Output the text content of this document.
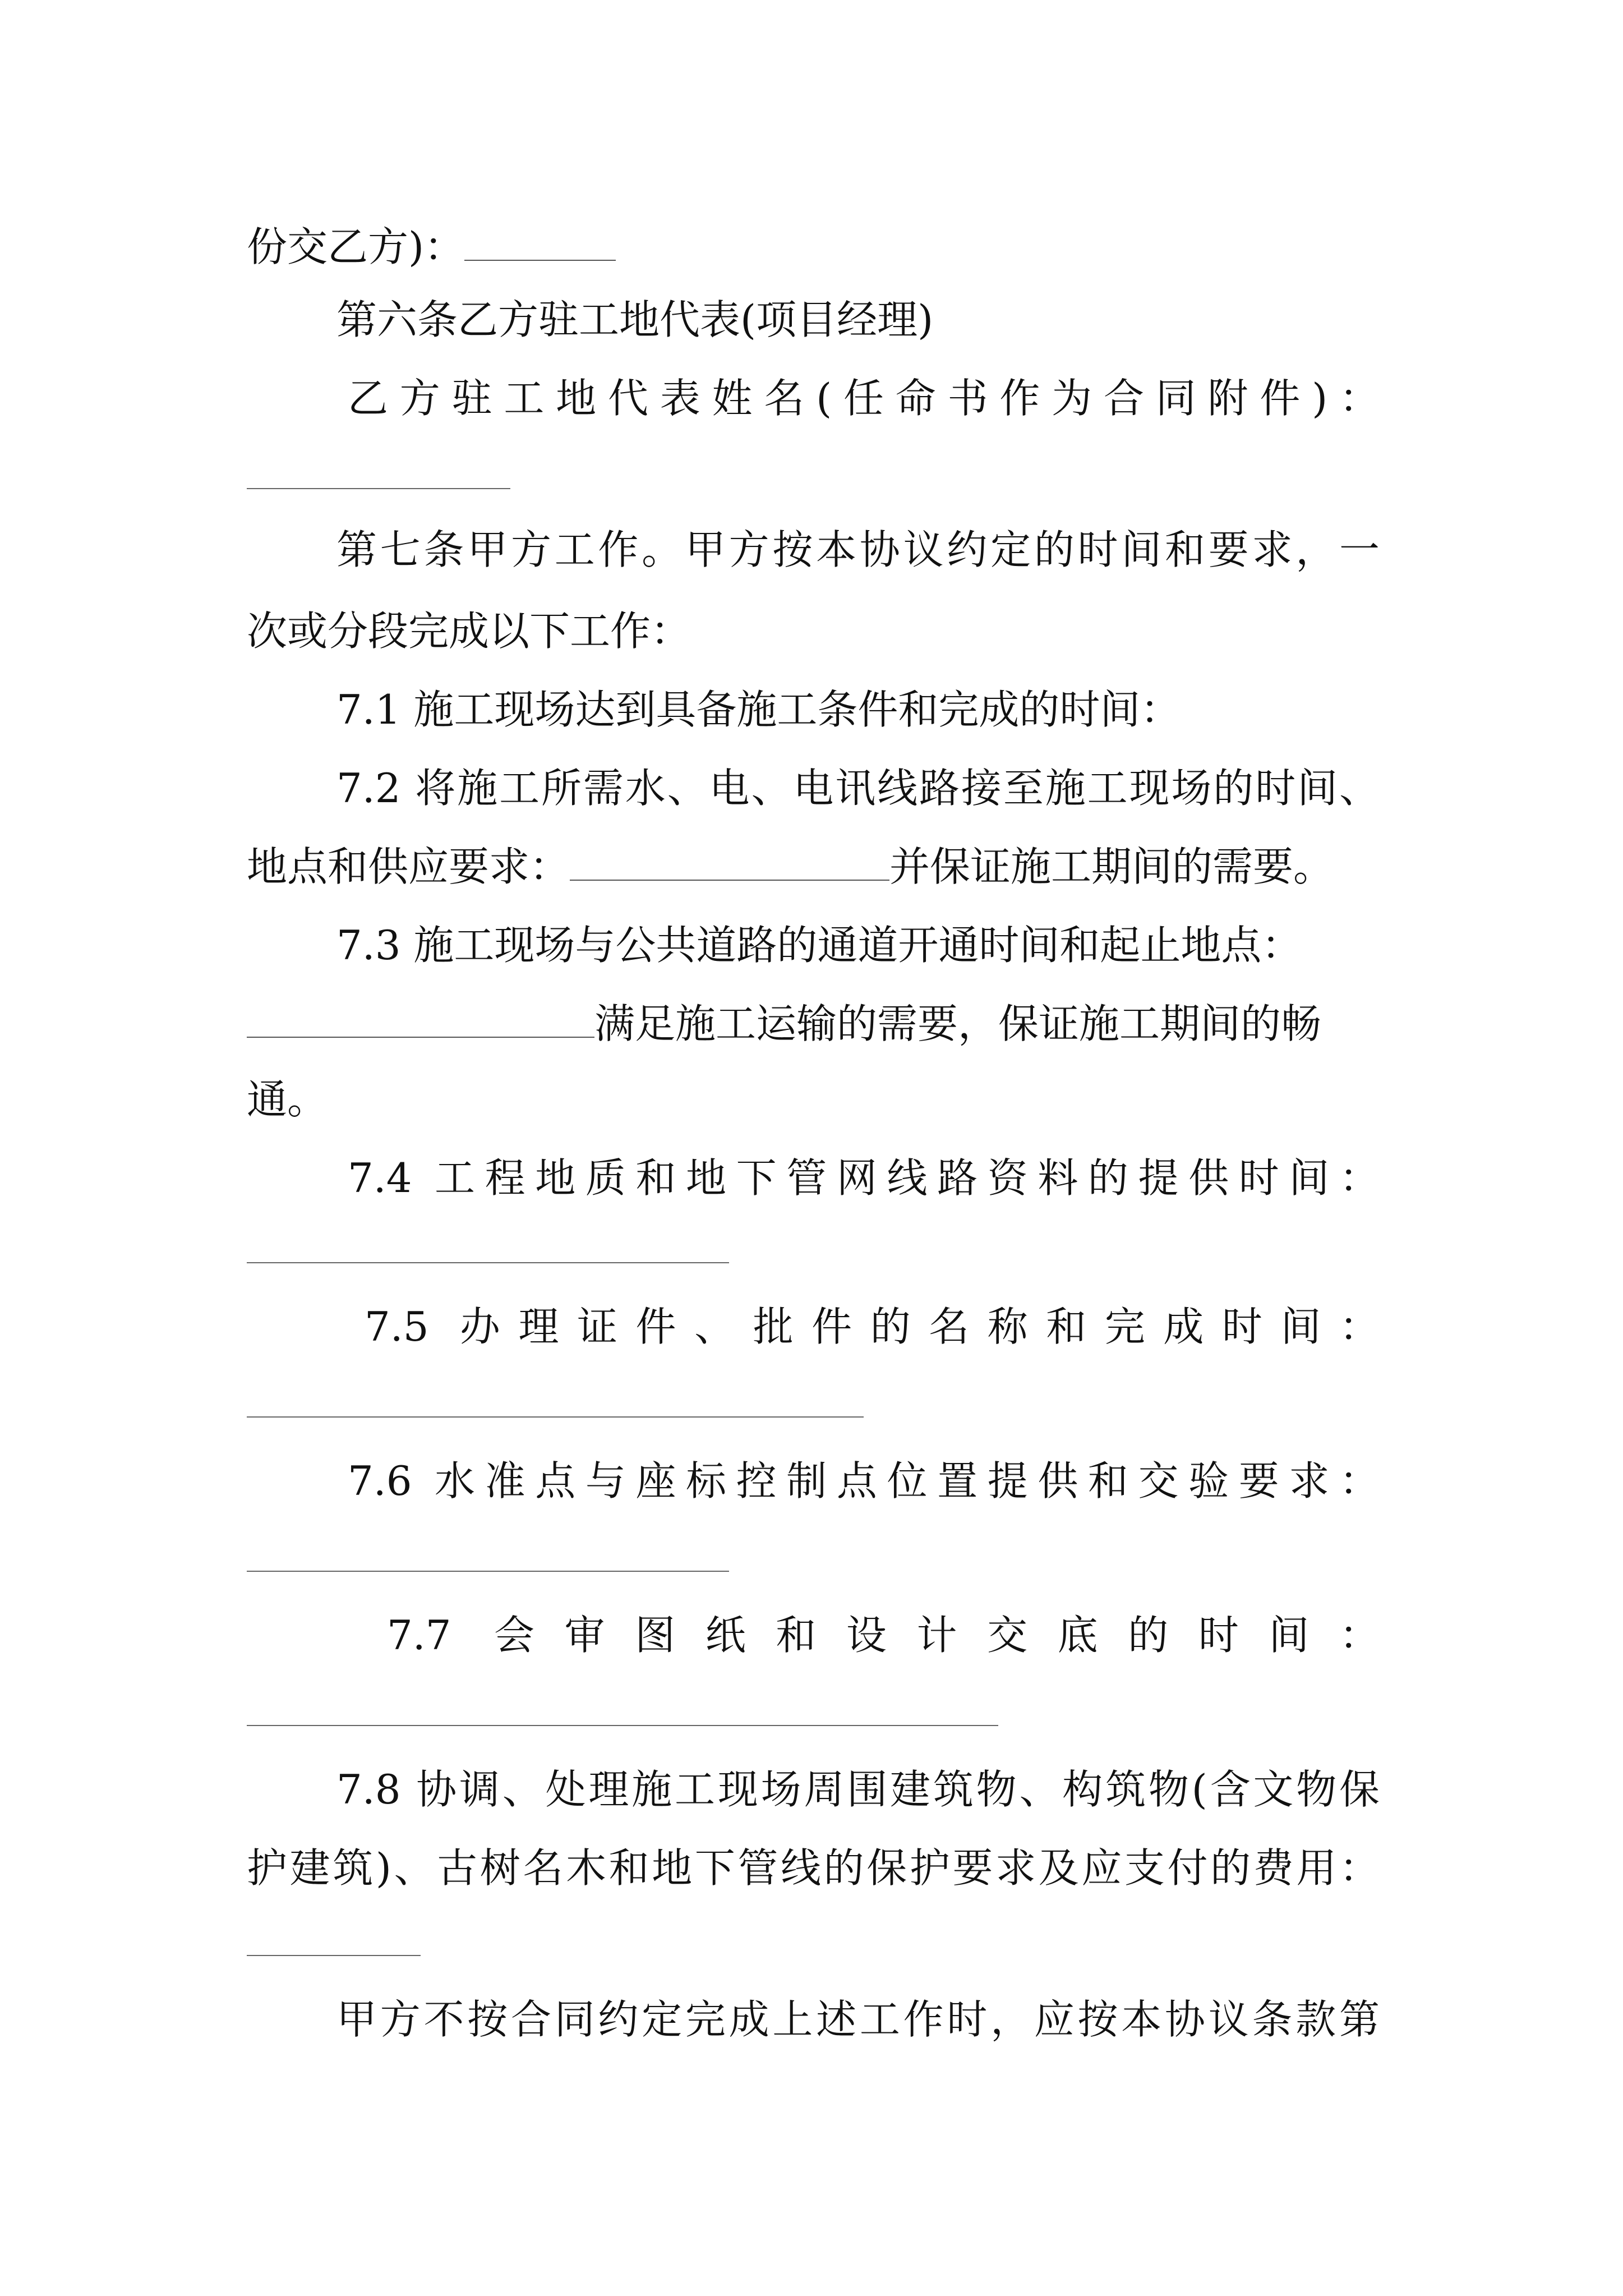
份交乙方)：
第六条乙方驻工地代表(项目经理)
乙方驻工地代表姓名(任命书作为合同附件)：
第七条甲方工作。甲方按本协议约定的时间和要求，一
次或分段完成以下工作：
7.1 施工现场达到具备施工条件和完成的时间：
7.2 将施工所需水、电、电讯线路接至施工现场的时间、
地点和供应要求：	并保证施工期间的需要。
7.3 施工现场与公共道路的通道开通时间和起止地点：
满足施工运输的需要，保证施工期间的畅
通。
7.4 工程地质和地下管网线路资料的提供时间：
7.5 办理证件、批件的名称和完成时间：
7.6 水准点与座标控制点位置提供和交验要求：
7.7 会审图纸和设计交底的时间：
7.8 协调、处理施工现场周围建筑物、构筑物(含文物保
护建筑)、古树名木和地下管线的保护要求及应支付的费用：
甲方不按合同约定完成上述工作时，应按本协议条款第
